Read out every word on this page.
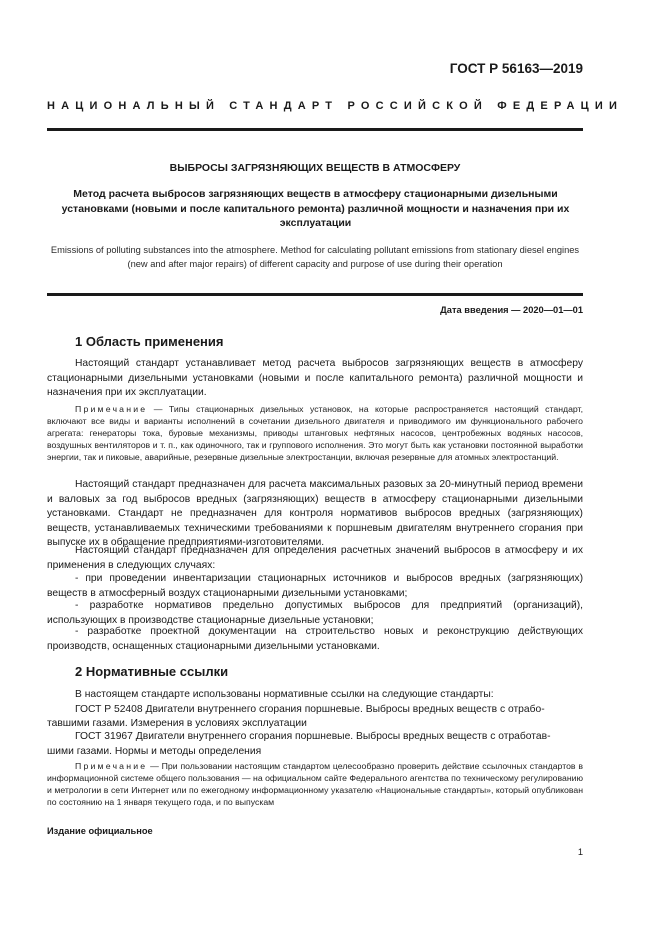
ГОСТ Р 56163—2019
НАЦИОНАЛЬНЫЙ СТАНДАРТ РОССИЙСКОЙ ФЕДЕРАЦИИ
ВЫБРОСЫ ЗАГРЯЗНЯЮЩИХ ВЕЩЕСТВ В АТМОСФЕРУ
Метод расчета выбросов загрязняющих веществ в атмосферу стационарными дизельными установками (новыми и после капитального ремонта) различной мощности и назначения при их эксплуатации
Emissions of polluting substances into the atmosphere. Method for calculating pollutant emissions from stationary diesel engines (new and after major repairs) of different capacity and purpose of use during their operation
Дата введения — 2020—01—01
1 Область применения

Настоящий стандарт устанавливает метод расчета выбросов загрязняющих веществ в атмосферу стационарными дизельными установками (новыми и после капитального ремонта) различной мощности и назначения при их эксплуатации.

Примечание — Типы стационарных дизельных установок, на которые распространяется настоящий стандарт, включают все виды и варианты исполнений в сочетании дизельного двигателя и приводимого им функционального рабочего агрегата: генераторы тока, буровые механизмы, приводы штанговых нефтяных насосов, центробежных водяных насосов, воздушных вентиляторов и т. п., как одиночного, так и группового исполнения. Это могут быть как установки постоянной выработки энергии, так и пиковые, аварийные, резервные дизельные электростанции, включая резервные для атомных электростанций.

Настоящий стандарт предназначен для расчета максимальных разовых за 20-минутный период времени и валовых за год выбросов вредных (загрязняющих) веществ в атмосферу стационарными дизельными установками. Стандарт не предназначен для контроля нормативов выбросов вредных (загрязняющих) веществ, устанавливаемых техническими требованиями к поршневым двигателям внутреннего сгорания при выпуске их в обращение предприятиями-изготовителями.

Настоящий стандарт предназначен для определения расчетных значений выбросов в атмосферу и их применения в следующих случаях:

- при проведении инвентаризации стационарных источников и выбросов вредных (загрязняющих) веществ в атмосферный воздух стационарными дизельными установками;

- разработке нормативов предельно допустимых выбросов для предприятий (организаций), использующих в производстве стационарные дизельные установки;

- разработке проектной документации на строительство новых и реконструкцию действующих производств, оснащенных стационарными дизельными установками.

2 Нормативные ссылки

В настоящем стандарте использованы нормативные ссылки на следующие стандарты:

ГОСТ Р 52408 Двигатели внутреннего сгорания поршневые. Выбросы вредных веществ с отрабо-

тавшими газами. Измерения в условиях эксплуатации

ГОСТ 31967 Двигатели внутреннего сгорания поршневые. Выбросы вредных веществ с отработав-

шими газами. Нормы и методы определения

Примечание — При пользовании настоящим стандартом целесообразно проверить действие ссылочных стандартов в информационной системе общего пользования — на официальном сайте Федерального агентства по техническому регулированию и метрологии в сети Интернет или по ежегодному информационному указателю «Национальные стандарты», который опубликован по состоянию на 1 января текущего года, и по выпускам

Издание официальное
1
